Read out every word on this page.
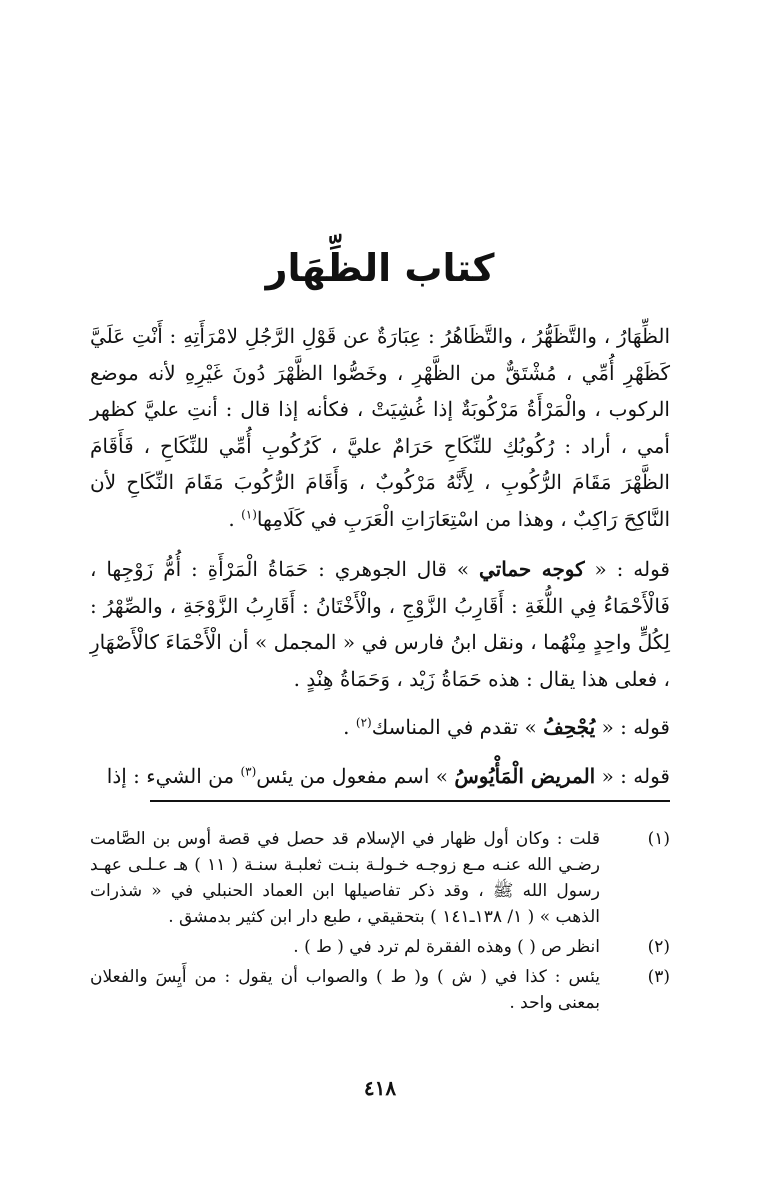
كتاب الظِّهَار

الظِّهَارُ ، والتَّظَهُّرُ ، والتَّظَاهُرُ : عِبَارَةٌ عن قَوْلِ الرَّجُلِ لامْرَأَتِهِ : أَنْتِ عَلَيَّ كَظَهْرِ أُمِّي ، مُشْتَقٌّ من الظَّهْرِ ، وخَصُّوا الظَّهْرَ دُونَ غَيْرِهِ لأنه موضع الركوب ، والْمَرْأَةُ مَرْكُوبَةٌ إذا غُشِيَتْ ، فكأنه إذا قال : أنتِ عليَّ كظهر أمي ، أراد : رُكُوبُكِ للنِّكَاحِ حَرَامٌ عليَّ ، كَرُكُوبِ أُمِّي للنِّكَاحِ ، فَأَقَامَ الظَّهْرَ مَقَامَ الرُّكُوبِ ، لِأَنَّهُ مَرْكُوبٌ ، وَأَقَامَ الرُّكُوبَ مَقَامَ النِّكَاحِ لأن النَّاكِحَ رَاكِبٌ ، وهذا من اسْتِعَارَاتِ الْعَرَبِ في كَلَامِها$^{(١)}$ .

قوله : « كوجه حماتي » قال الجوهري : حَمَاةُ الْمَرْأَةِ : أُمُّ زَوْجِها ، فَالْأَحْمَاءُ فِي اللُّغَةِ : أَقَارِبُ الزَّوْجِ ، والْأَخْتَانُ : أَقَارِبُ الزَّوْجَةِ ، والصِّهْرُ : لِكُلٍّ واحِدٍ مِنْهُما ، ونقل ابنُ فارس في « المجمل » أن الْأَحْمَاءَ كالْأَصْهَارِ ، فعلى هذا يقال : هذه حَمَاةُ زَيْد ، وَحَمَاةُ هِنْدٍ .

قوله : « يُجْحِفُ » تقدم في المناسك$^{(٢)}$ .

قوله : « المريض الْمَأْيُوسُ » اسم مفعول من يئس$^{(٣)}$ من الشيء : إذا

(١)
قلت : وكان أول ظهار في الإسلام قد حصل في قصة أوس بن الصَّامت رضـي الله عنـه مـع زوجـه خـولـة بنـت ثعلبـة سنـة ( ١١ ) هـ عـلـى عهـد رسول الله ﷺ ، وقد ذكر تفاصيلها ابن العماد الحنبلي في « شذرات الذهب » ( ١/ ١٣٨ـ١٤١ ) بتحقيقي ، طبع دار ابن كثير بدمشق .
(٢)
انظر ص ( ) وهذه الفقرة لم ترد في ( ط ) .
(٣)
يئس : كذا في ( ش ) و( ط ) والصواب أن يقول : من أَيِسَ والفعلان بمعنى واحد .
٤١٨
